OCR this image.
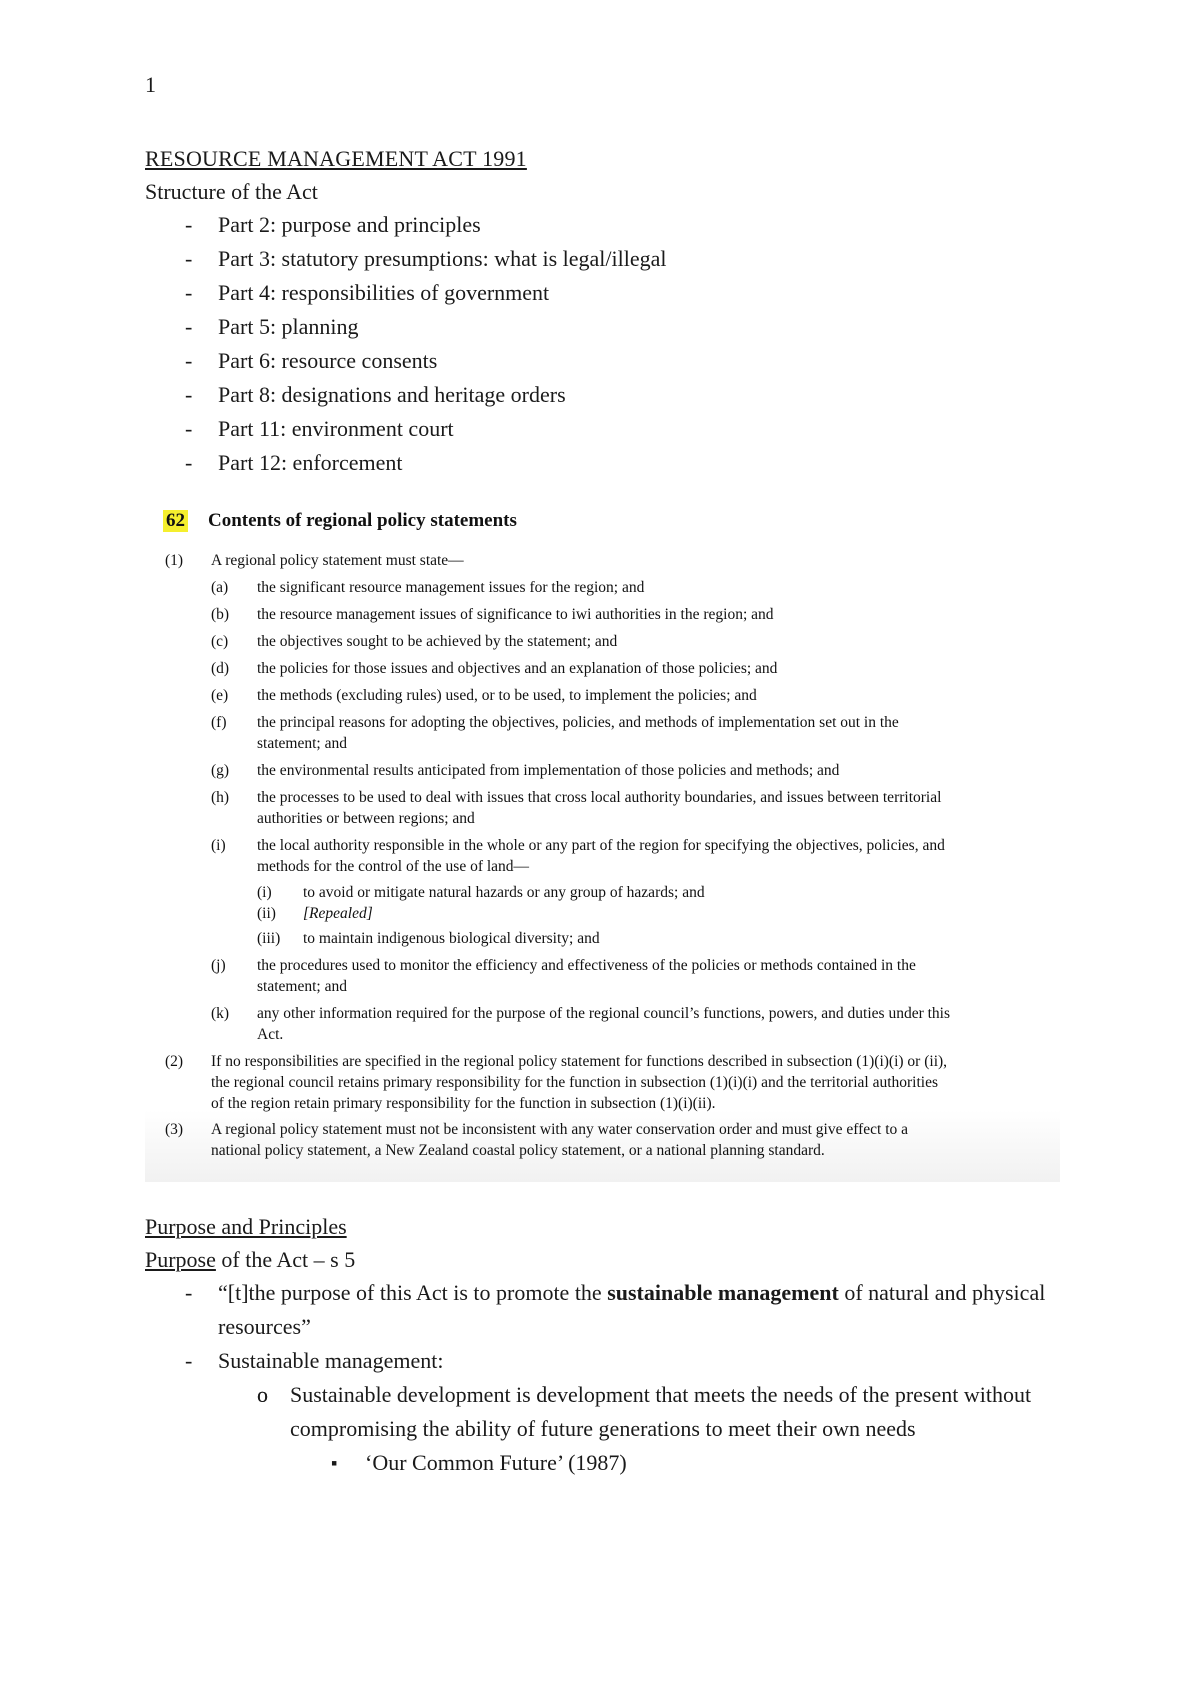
1
RESOURCE MANAGEMENT ACT 1991
Structure of the Act
- Part 2: purpose and principles
- Part 3: statutory presumptions: what is legal/illegal
- Part 4: responsibilities of government
- Part 5: planning
- Part 6: resource consents
- Part 8: designations and heritage orders
- Part 11: environment court
- Part 12: enforcement
62 Contents of regional policy statements
(1) A regional policy statement must state—
(a) the significant resource management issues for the region; and
(b) the resource management issues of significance to iwi authorities in the region; and
(c) the objectives sought to be achieved by the statement; and
(d) the policies for those issues and objectives and an explanation of those policies; and
(e) the methods (excluding rules) used, or to be used, to implement the policies; and
(f) the principal reasons for adopting the objectives, policies, and methods of implementation set out in the
statement; and
(g) the environmental results anticipated from implementation of those policies and methods; and
(h) the processes to be used to deal with issues that cross local authority boundaries, and issues between territorial
authorities or between regions; and
(i) the local authority responsible in the whole or any part of the region for specifying the objectives, policies, and
methods for the control of the use of land—
(i) to avoid or mitigate natural hazards or any group of hazards; and
(ii) [Repealed]
(iii) to maintain indigenous biological diversity; and
(j) the procedures used to monitor the efficiency and effectiveness of the policies or methods contained in the
statement; and
(k) any other information required for the purpose of the regional council’s functions, powers, and duties under this
Act.
(2) If no responsibilities are specified in the regional policy statement for functions described in subsection (1)(i)(i) or (ii),
the regional council retains primary responsibility for the function in subsection (1)(i)(i) and the territorial authorities
of the region retain primary responsibility for the function in subsection (1)(i)(ii).
(3) A regional policy statement must not be inconsistent with any water conservation order and must give effect to a
national policy statement, a New Zealand coastal policy statement, or a national planning standard.
Purpose and Principles
Purpose of the Act – s 5
- “[t]the purpose of this Act is to promote the sustainable management of natural and physical resources”
- Sustainable management:
o Sustainable development is development that meets the needs of the present without compromising the ability of future generations to meet their own needs
▪ ‘Our Common Future’ (1987)
